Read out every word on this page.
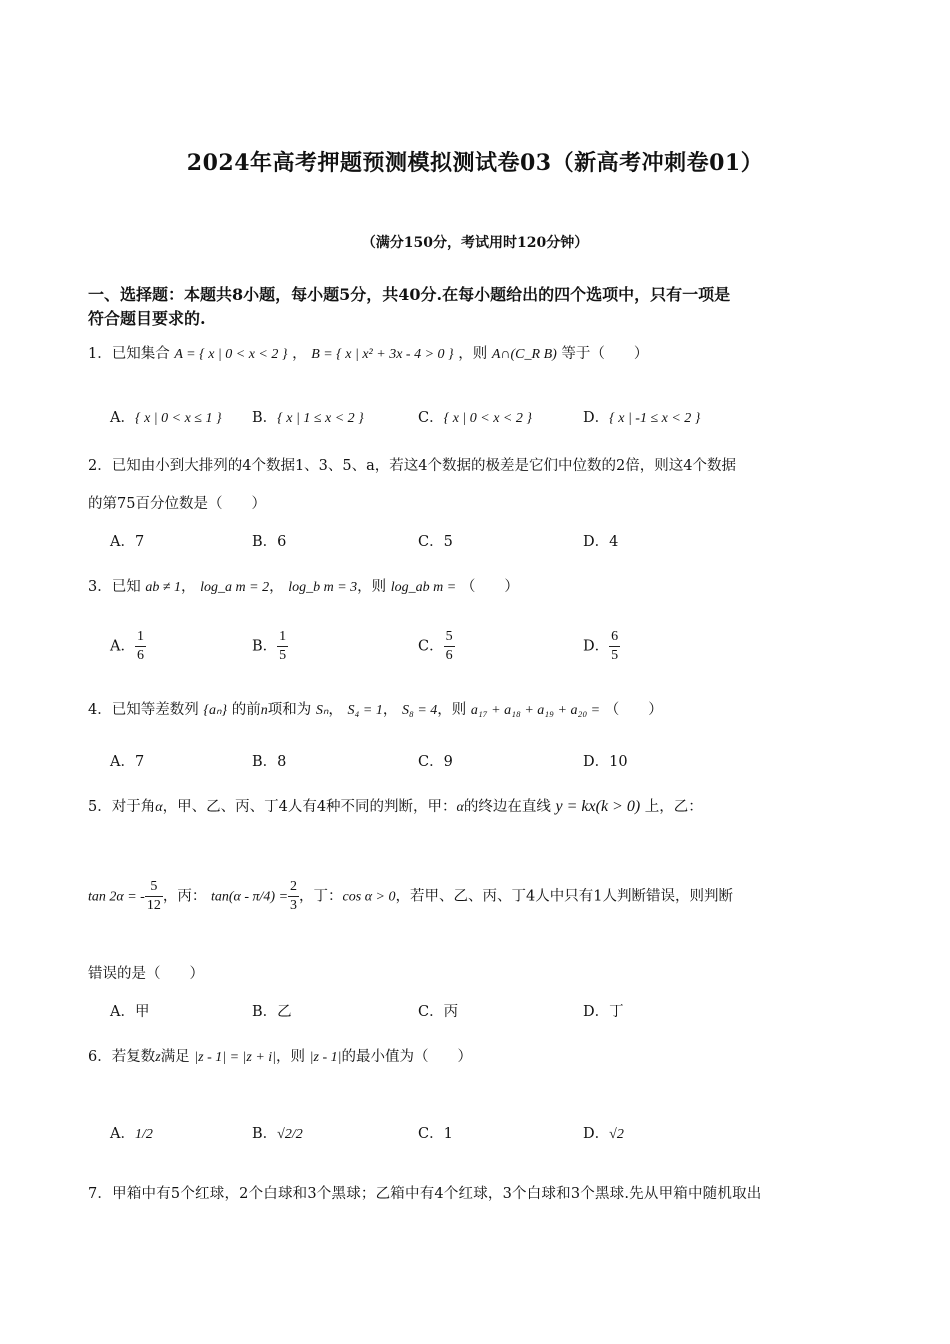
2024年高考押题预测模拟测试卷03（新高考冲刺卷01）
（满分150分，考试用时120分钟）
一、选择题：本题共8小题，每小题5分，共40分.在每小题给出的四个选项中，只有一项是
符合题目要求的.
1．已知集合 A = { x | 0 < x < 2 } ， B = { x | x² + 3x - 4 > 0 } ，则 A∩(C_R B) 等于（　　）
A．{ x | 0 < x ≤ 1 } B．{ x | 1 ≤ x < 2 }	C．{ x | 0 < x < 2 }	D．{ x | -1 ≤ x < 2 }
2．已知由小到大排列的4个数据1、3、5、a，若这4个数据的极差是它们中位数的2倍，则这4个数据
的第75百分位数是（　　）
A．7	B．6	C．5	D．4
3．已知 ab ≠ 1， log_a m = 2， log_b m = 3，则 log_ab m = （　　）
A． $\frac{1}{6}$	B． $\frac{1}{5}$	C． $\frac{5}{6}$	D． $\frac{6}{5}$
4．已知等差数列 {aₙ} 的前n项和为 Sₙ， S₄ = 1， S₈ = 4，则 a₁₇ + a₁₈ + a₁₉ + a₂₀ = （　　）
A．7	B．8	C．9	D．10
5．对于角α，甲、乙、丙、丁4人有4种不同的判断，甲：α的终边在直线 y = kx(k > 0) 上，乙：
tan 2α = - $\frac{5}{12}$ ，丙： $\tan(\alpha - \pi/4) = \frac{2}{3}$ ，丁：cos α > 0，若甲、乙、丙、丁4人中只有1人判断错误，则判断
错误的是（　　）
A．甲	B．乙	C．丙	D．丁
6．若复数z满足 |z - 1| = |z + i|，则 |z - 1|的最小值为（　　）
A．1/2	B．√2/2	C．1	D．√2
7．甲箱中有5个红球，2个白球和3个黑球；乙箱中有4个红球，3个白球和3个黑球.先从甲箱中随机取出
